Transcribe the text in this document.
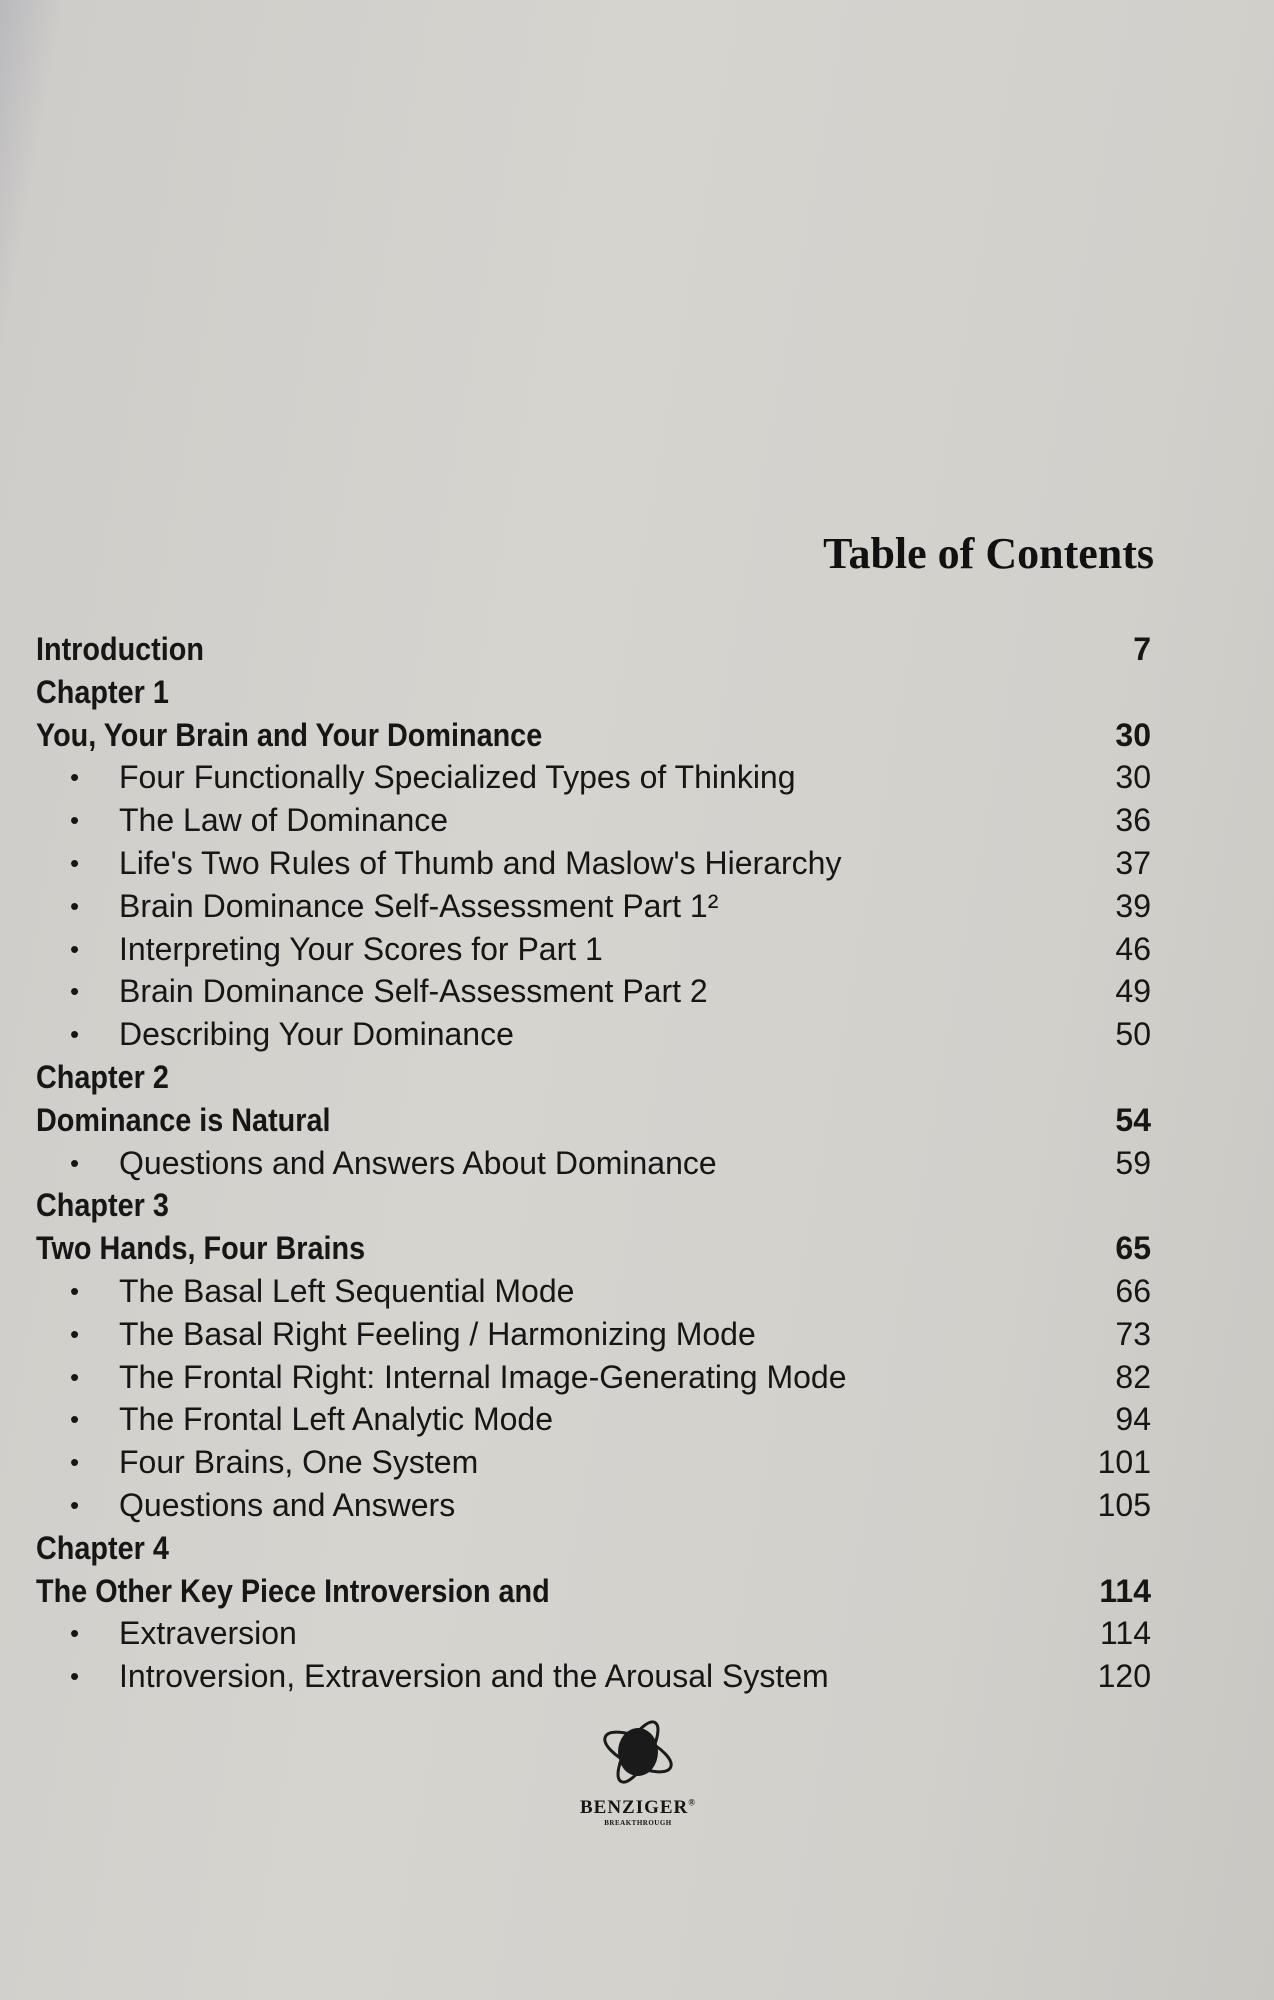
Table of Contents
Introduction	7
Chapter 1
You, Your Brain and Your Dominance	30
• Four Functionally Specialized Types of Thinking	30
• The Law of Dominance	36
• Life's Two Rules of Thumb and Maslow's Hierarchy	37
• Brain Dominance Self-Assessment Part 1²	39
• Interpreting Your Scores for Part 1	46
• Brain Dominance Self-Assessment Part 2	49
• Describing Your Dominance	50
Chapter 2
Dominance is Natural	54
• Questions and Answers About Dominance	59
Chapter 3
Two Hands, Four Brains	65
• The Basal Left Sequential Mode	66
• The Basal Right Feeling / Harmonizing Mode	73
• The Frontal Right: Internal Image-Generating Mode	82
• The Frontal Left Analytic Mode	94
• Four Brains, One System	101
• Questions and Answers	105
Chapter 4
The Other Key Piece Introversion and	114
• Extraversion	114
• Introversion, Extraversion and the Arousal System	120
BENZIGER®
BREAKTHROUGH
